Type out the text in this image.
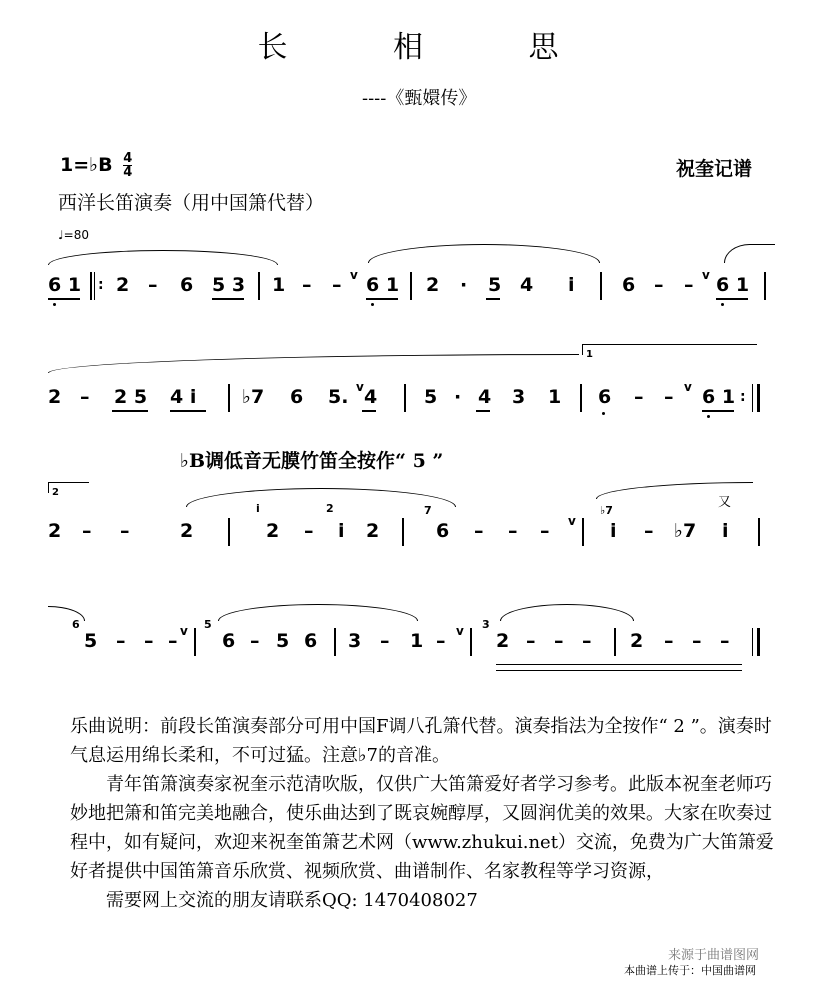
长 相 思
----《甄嬛传》
1=♭B $\frac{4}{4}$	祝奎记谱
西洋长笛演奏（用中国箫代替）
♩=80
6 1 : 2 – 6 5 3 1 – – v 6 1 2 · 5 4 i 6 – – v 6 1
1
2 – 2 5 4 i ♭7 6 5. v 4 5 · 4 3 1 6 – – v 6 1 :
♭B调低音无膜竹笛全按作“ 5 ”
2
2 – –	2
i
2 –
2
i 2
7
6 – – – v
♭7
i – ♭7 i
又
6
5 – – – v 5
6 – 5 6 3 – 1 – v 3
2 – – – 2 – – –

乐曲说明：前段长笛演奏部分可用中国F调八孔箫代替。演奏指法为全按作“ 2 ”。演奏时气息运用绵长柔和，不可过猛。注意♭7的音准。

青年笛箫演奏家祝奎示范清吹版，仅供广大笛箫爱好者学习参考。此版本祝奎老师巧妙地把箫和笛完美地融合，使乐曲达到了既哀婉醇厚，又圆润优美的效果。大家在吹奏过程中，如有疑问，欢迎来祝奎笛箫艺术网（www.zhukui.net）交流，免费为广大笛箫爱好者提供中国笛箫音乐欣赏、视频欣赏、曲谱制作、名家教程等学习资源，

需要网上交流的朋友请联系QQ: 1470408027

来源于曲谱图网
本曲谱上传于：中国曲谱网
